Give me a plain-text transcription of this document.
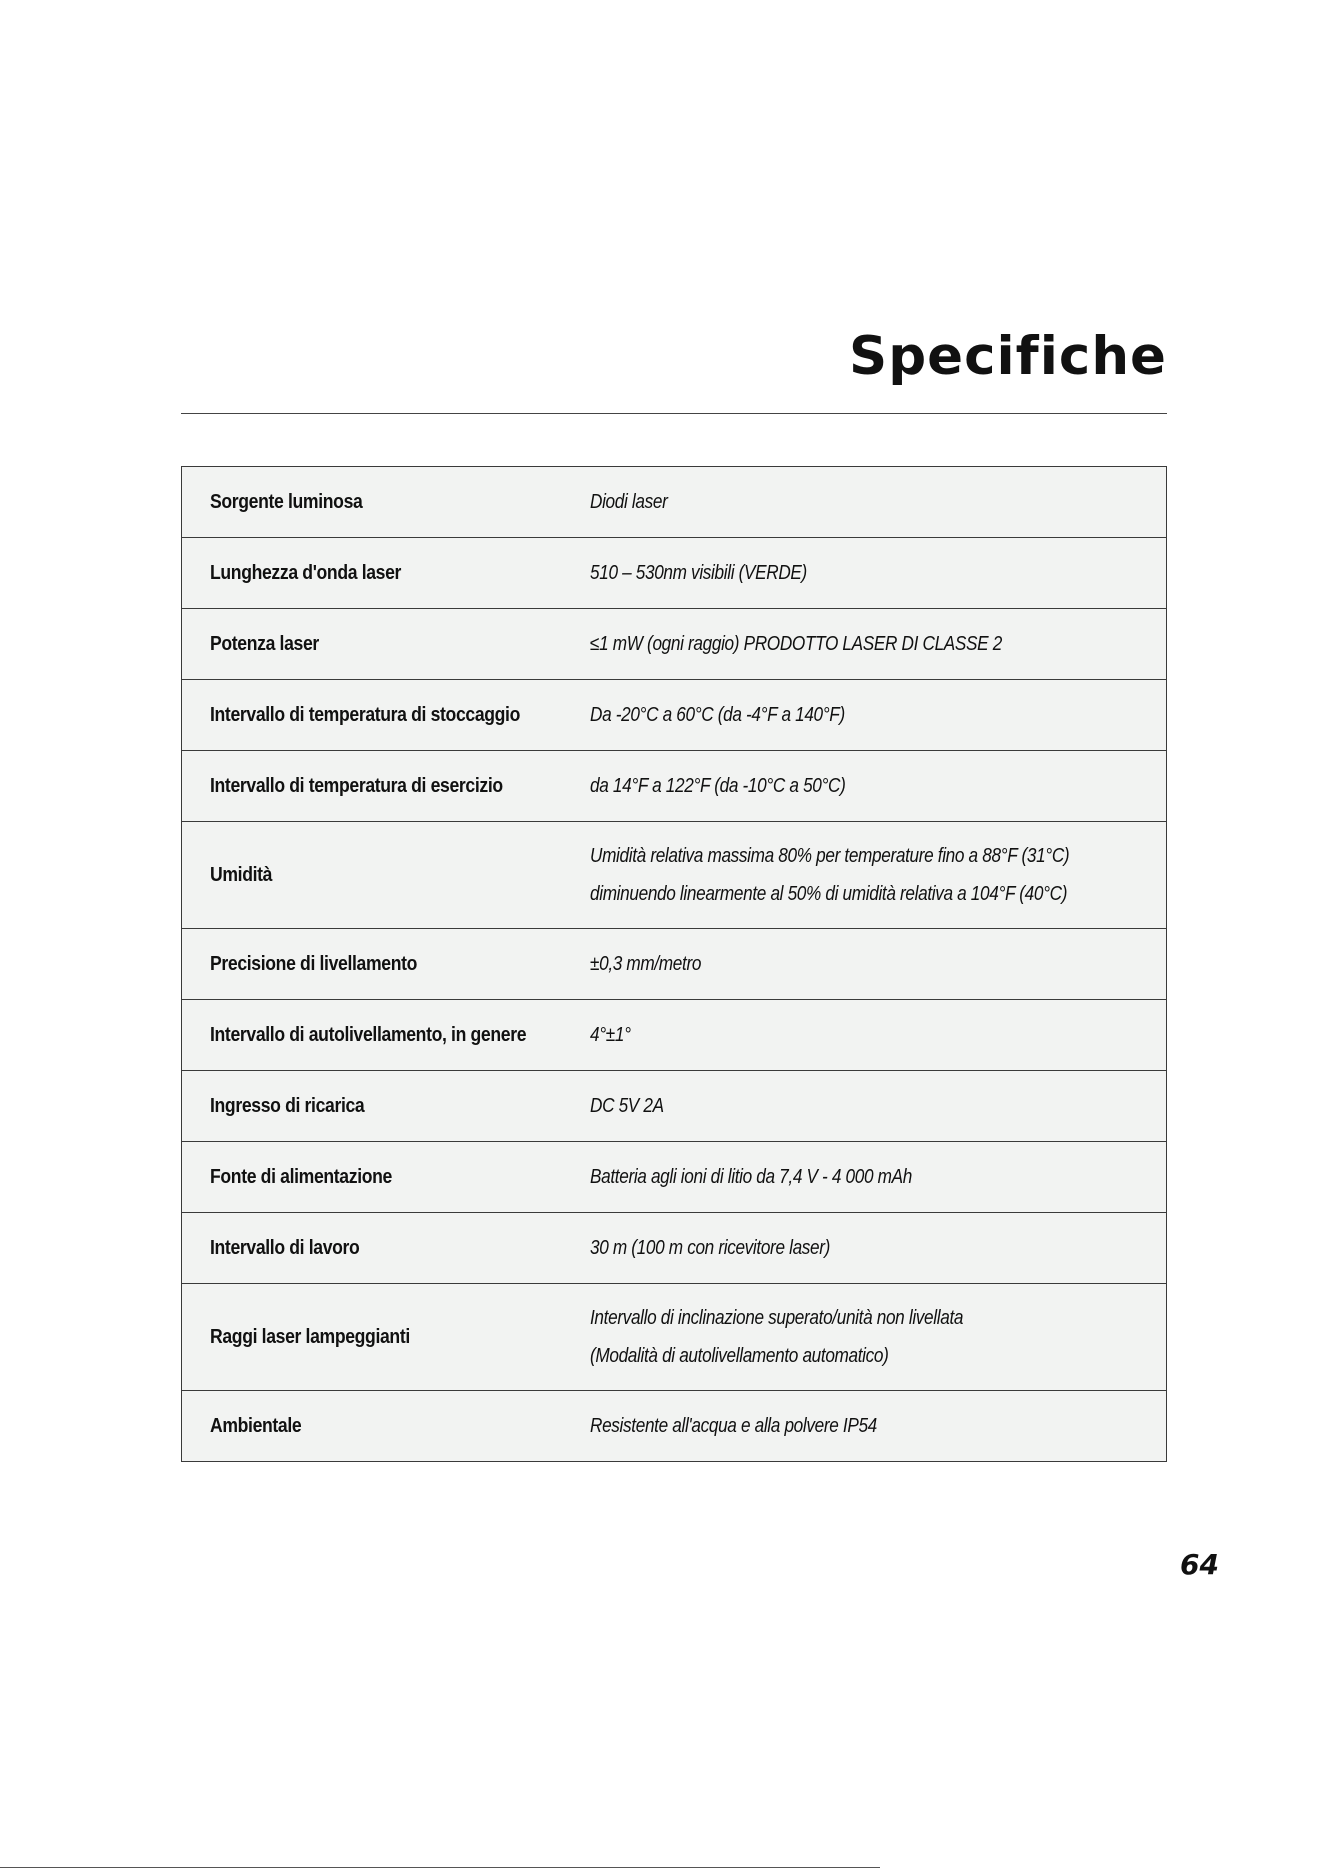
Specifiche
Sorgente luminosa	Diodi laser

Lunghezza d'onda laser	510 – 530nm visibili (VERDE)

Potenza laser	≤1 mW (ogni raggio) PRODOTTO LASER DI CLASSE 2

Intervallo di temperatura di stoccaggio	Da -20°C a 60°C (da -4°F a 140°F)

Intervallo di temperatura di esercizio	da 14°F a 122°F (da -10°C a 50°C)

Umidità	Umidità relativa massima 80% per temperature fino a 88°F (31°C)
diminuendo linearmente al 50% di umidità relativa a 104°F (40°C)

Precisione di livellamento	±0,3 mm/metro

Intervallo di autolivellamento, in genere	4°±1°

Ingresso di ricarica	DC 5V 2A

Fonte di alimentazione	Batteria agli ioni di litio da 7,4 V - 4 000 mAh

Intervallo di lavoro	30 m (100 m con ricevitore laser)

Raggi laser lampeggianti	Intervallo di inclinazione superato/unità non livellata
(Modalità di autolivellamento automatico)

Ambientale	Resistente all'acqua e alla polvere IP54
64
